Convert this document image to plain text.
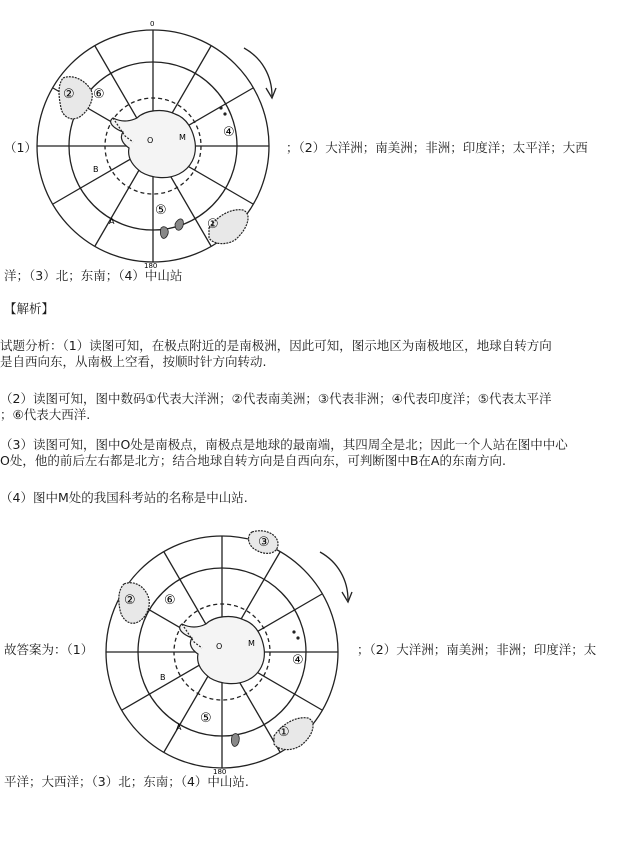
（1）
0
180
①
②
④
⑤
⑥
A
B
M
O	；（2）大洋洲；南美洲；非洲；印度洋；太平洋；大西
洋；（3）北；东南；（4）中山站
【解析】
试题分析：（1）读图可知，在极点附近的是南极洲，因此可知，图示地区为南极地区，地球自转方向
是自西向东，从南极上空看，按顺时针方向转动.
（2）读图可知，图中数码①代表大洋洲；②代表南美洲；③代表非洲；④代表印度洋；⑤代表太平洋
；⑥代表大西洋.
（3）读图可知，图中O处是南极点，南极点是地球的最南端，其四周全是北；因此一个人站在图中中心
O处，他的前后左右都是北方；结合地球自转方向是自西向东，可判断图中B在A的东南方向.
（4）图中M处的我国科考站的名称是中山站.
故答案为：（1）
180
①
②
③
④
⑤
⑥
A
B
M
O	；（2）大洋洲；南美洲；非洲；印度洋；太
平洋；大西洋；（3）北；东南；（4）中山站.
